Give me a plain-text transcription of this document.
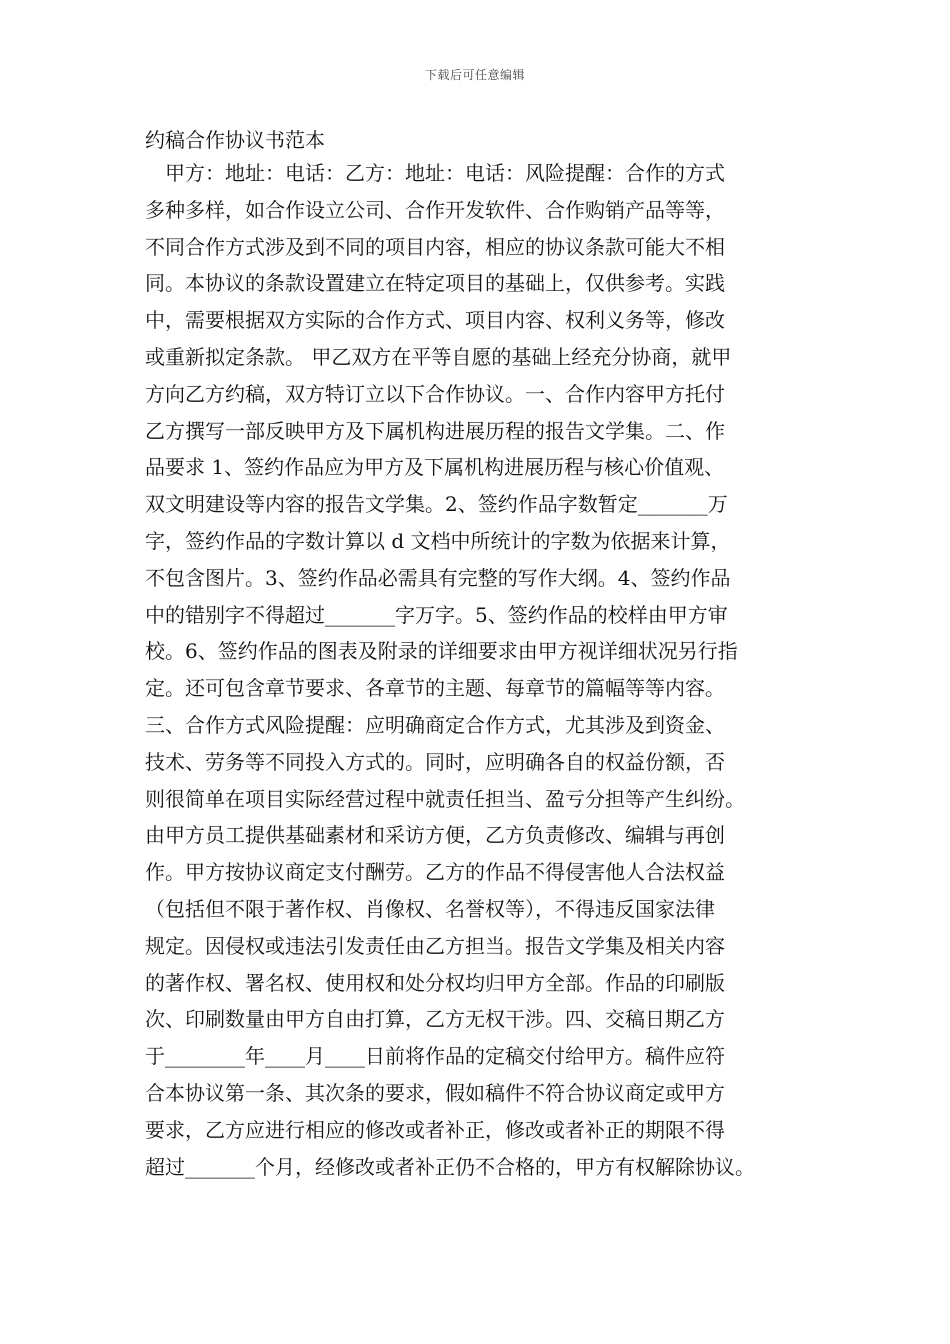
下载后可任意编辑
约稿合作协议书范本
　甲方：地址：电话：乙方：地址：电话：风险提醒：合作的方式
多种多样，如合作设立公司、合作开发软件、合作购销产品等等，
不同合作方式涉及到不同的项目内容，相应的协议条款可能大不相
同。本协议的条款设置建立在特定项目的基础上，仅供参考。实践
中，需要根据双方实际的合作方式、项目内容、权利义务等，修改
或重新拟定条款。 甲乙双方在平等自愿的基础上经充分协商，就甲
方向乙方约稿，双方特订立以下合作协议。一、合作内容甲方托付
乙方撰写一部反映甲方及下属机构进展历程的报告文学集。二、作
品要求 1、签约作品应为甲方及下属机构进展历程与核心价值观、
双文明建设等内容的报告文学集。2、签约作品字数暂定_______万
字，签约作品的字数计算以 d 文档中所统计的字数为依据来计算，
不包含图片。3、签约作品必需具有完整的写作大纲。4、签约作品
中的错别字不得超过_______字万字。5、签约作品的校样由甲方审
校。6、签约作品的图表及附录的详细要求由甲方视详细状况另行指
定。还可包含章节要求、各章节的主题、每章节的篇幅等等内容。
三、合作方式风险提醒：应明确商定合作方式，尤其涉及到资金、
技术、劳务等不同投入方式的。同时，应明确各自的权益份额，否
则很简单在项目实际经营过程中就责任担当、盈亏分担等产生纠纷。
由甲方员工提供基础素材和采访方便，乙方负责修改、编辑与再创
作。甲方按协议商定支付酬劳。乙方的作品不得侵害他人合法权益
（包括但不限于著作权、肖像权、名誉权等），不得违反国家法律
规定。因侵权或违法引发责任由乙方担当。报告文学集及相关内容
的著作权、署名权、使用权和处分权均归甲方全部。作品的印刷版
次、印刷数量由甲方自由打算，乙方无权干涉。四、交稿日期乙方
于________年____月____日前将作品的定稿交付给甲方。稿件应符
合本协议第一条、其次条的要求，假如稿件不符合协议商定或甲方
要求，乙方应进行相应的修改或者补正，修改或者补正的期限不得
超过_______个月，经修改或者补正仍不合格的，甲方有权解除协议。
